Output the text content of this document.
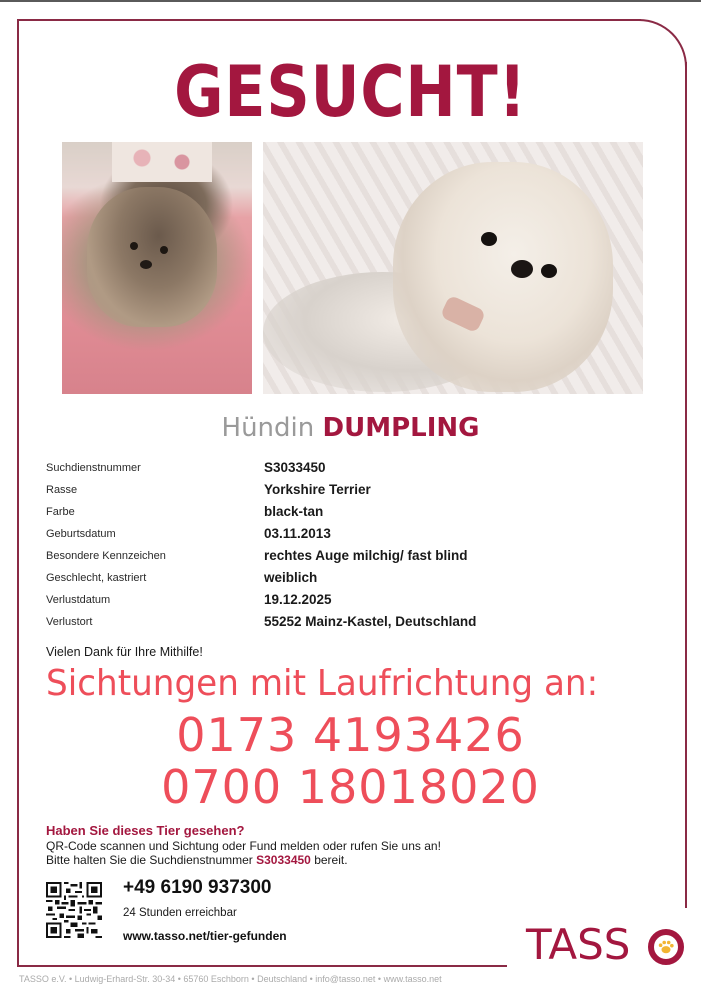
GESUCHT!
Hündin DUMPLING
Suchdienstnummer	S3033450
Rasse	Yorkshire Terrier
Farbe	black-tan
Geburtsdatum	03.11.2013
Besondere Kennzeichen	rechtes Auge milchig/ fast blind
Geschlecht, kastriert	weiblich
Verlustdatum	19.12.2025
Verlustort	55252 Mainz-Kastel, Deutschland
Vielen Dank für Ihre Mithilfe!
Sichtungen mit Laufrichtung an:
0173 4193426
0700 18018020
Haben Sie dieses Tier gesehen?
QR-Code scannen und Sichtung oder Fund melden oder rufen Sie uns an!
Bitte halten Sie die Suchdienstnummer S3033450 bereit.
+49 6190 937300
24 Stunden erreichbar
www.tasso.net/tier-gefunden	TASS
TASSO e.V. • Ludwig-Erhard-Str. 30-34 • 65760 Eschborn • Deutschland • info@tasso.net • www.tasso.net
